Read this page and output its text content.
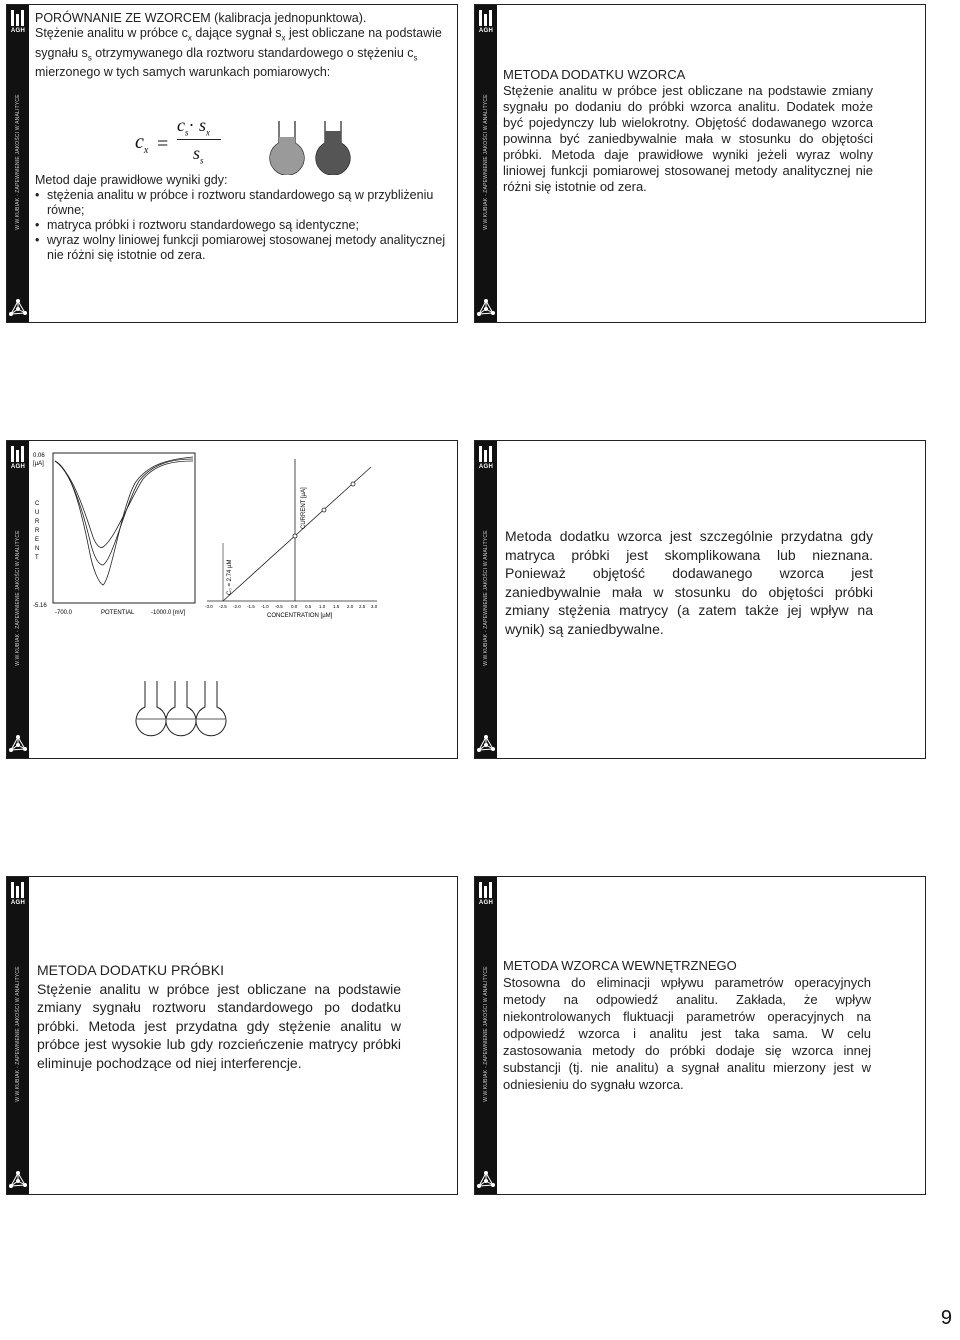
AGH
W.W.KUBIAK - ZAPEWNIENIE JAKOŚCI W ANALITYCE
PORÓWNANIE ZE WZORCEM (kalibracja jednopunktowa).
Stężenie analitu w próbce $c_x$ dające sygnał $s_x$ jest obliczane na podstawie sygnału $s_s$ otrzymywanego dla roztworu standardowego o stężeniu $c_s$ mierzonego w tych samych warunkach pomiarowych:
$c_x$ =
$c_s\cdot s_x$
$s_s$
Metod daje prawidłowe wyniki gdy:
• stężenia analitu w próbce i roztworu standardowego są w przybliżeniu równe;
• matryca próbki i roztworu standardowego są identyczne;
• wyraz wolny liniowej funkcji pomiarowej stosowanej metody analitycznej nie różni się istotnie od zera.
AGH
W.W.KUBIAK - ZAPEWNIENIE JAKOŚCI W ANALITYCE
METODA DODATKU WZORCA
Stężenie analitu w próbce jest obliczane na podstawie zmiany sygnału po dodaniu do próbki wzorca analitu. Dodatek może być pojedynczy lub wielokrotny. Objętość dodawanego wzorca powinna być zaniedbywalnie mała w stosunku do objętości próbki. Metoda daje prawidłowe wyniki jeżeli wyraz wolny liniowej funkcji pomiarowej stosowanej metody analitycznej nie różni się istotnie od zera.
AGH
W.W.KUBIAK - ZAPEWNIENIE JAKOŚCI W ANALITYCE
0.06
[µA]
C
U
R
R
E
N
T
-5.16
-700.0	POTENTIAL	-1000.0 [mV]
CURRENT [µA]
C₀ = 2.74 µM
-3.0 -2.5 -2.0 -1.5 -1.0 -0.5 0.0 0.5 1.0 1.5 2.0 2.5 3.0
CONCENTRATION [µM]
AGH
W.W.KUBIAK - ZAPEWNIENIE JAKOŚCI W ANALITYCE Metoda dodatku wzorca jest szczególnie przydatna gdy matryca próbki jest skomplikowana lub nieznana. Ponieważ objętość dodawanego wzorca jest zaniedbywalnie mała w stosunku do objętości próbki zmiany stężenia matrycy (a zatem także jej wpływ na wynik) są zaniedbywalne.
AGH
W.W.KUBIAK - ZAPEWNIENIE JAKOŚCI W ANALITYCE METODA DODATKU PRÓBKI
Stężenie analitu w próbce jest obliczane na podstawie zmiany sygnału roztworu standardowego po dodatku próbki. Metoda jest przydatna gdy stężenie analitu w próbce jest wysokie lub gdy rozcieńczenie matrycy próbki eliminuje pochodzące od niej interferencje.
AGH
W.W.KUBIAK - ZAPEWNIENIE JAKOŚCI W ANALITYCE
METODA WZORCA WEWNĘTRZNEGO
Stosowna do eliminacji wpływu parametrów operacyjnych metody na odpowiedź analitu. Zakłada, że wpływ niekontrolowanych fluktuacji parametrów operacyjnych na odpowiedź wzorca i analitu jest taka sama. W celu zastosowania metody do próbki dodaje się wzorca innej substancji (tj. nie analitu) a sygnał analitu mierzony jest w odniesieniu do sygnału wzorca.
9
